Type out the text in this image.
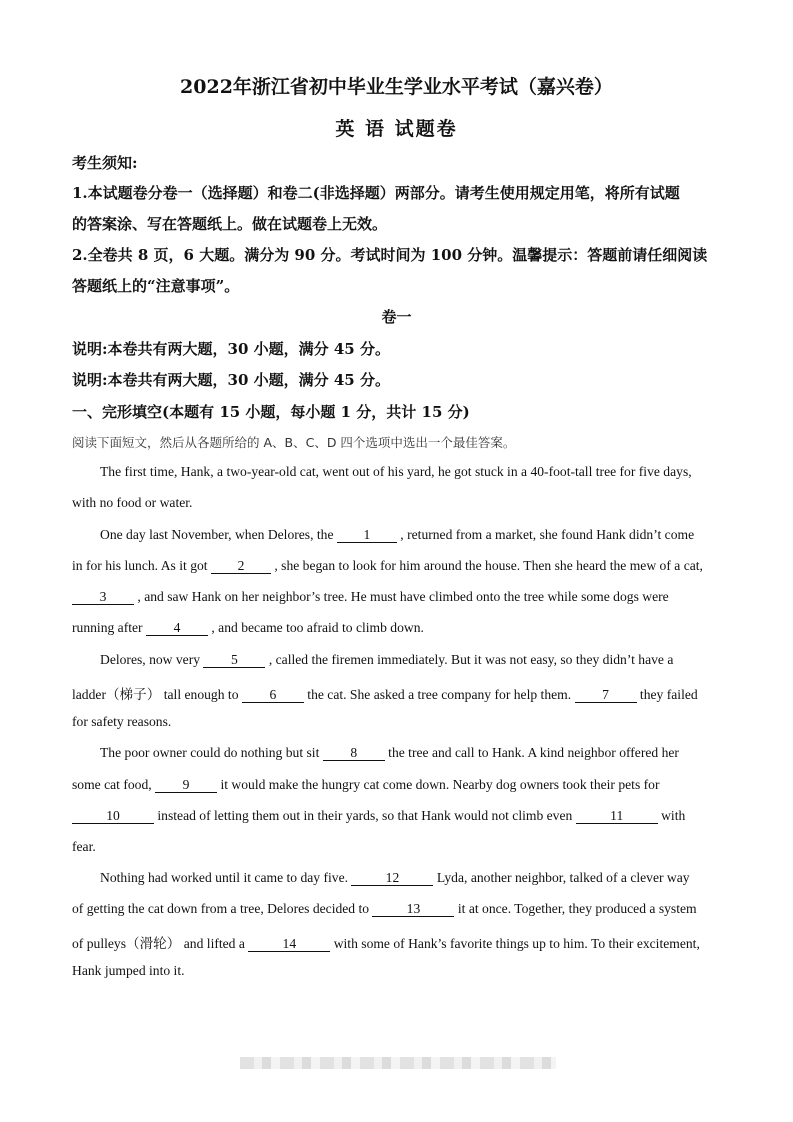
2022年浙江省初中毕业生学业水平考试（嘉兴卷）
英 语 试题卷
考生须知:
1.本试题卷分卷一（选择题）和卷二(非选择题）两部分。请考生使用规定用笔，将所有试题
的答案涂、写在答题纸上。做在试题卷上无效。
2.全卷共 8 页，6 大题。满分为 90 分。考试时间为 100 分钟。温馨提示：答题前请任细阅读
答题纸上的“注意事项”。
卷一
说明:本卷共有两大题，30 小题，满分 45 分。
说明:本卷共有两大题，30 小题，满分 45 分。
一、完形填空(本题有 15 小题，每小题 1 分，共计 15 分)
阅读下面短文，然后从各题所给的 A、B、C、D 四个选项中选出一个最佳答案。
The first time, Hank, a two-year-old cat, went out of his yard, he got stuck in a 40-foot-tall tree for five days,
with no food or water.
One day last November, when Delores, the 1 , returned from a market, she found Hank didn’t come
in for his lunch. As it got 2 , she began to look for him around the house. Then she heard the mew of a cat,
3 , and saw Hank on her neighbor’s tree. He must have climbed onto the tree while some dogs were
running after 4 , and became too afraid to climb down.
Delores, now very 5 , called the firemen immediately. But it was not easy, so they didn’t have a
ladder（梯子） tall enough to 6 the cat. She asked a tree company for help them. 7 they failed
for safety reasons.
The poor owner could do nothing but sit 8 the tree and call to Hank. A kind neighbor offered her
some cat food, 9 it would make the hungry cat come down. Nearby dog owners took their pets for
10	instead of letting them out in their yards, so that Hank would not climb even	11	with
fear.
Nothing had worked until it came to day five.	12	Lyda, another neighbor, talked of a clever way
of getting the cat down from a tree, Delores decided to	13	it at once. Together, they produced a system
of pulleys（滑轮） and lifted a	14	with some of Hank’s favorite things up to him. To their excitement,
Hank jumped into it.
